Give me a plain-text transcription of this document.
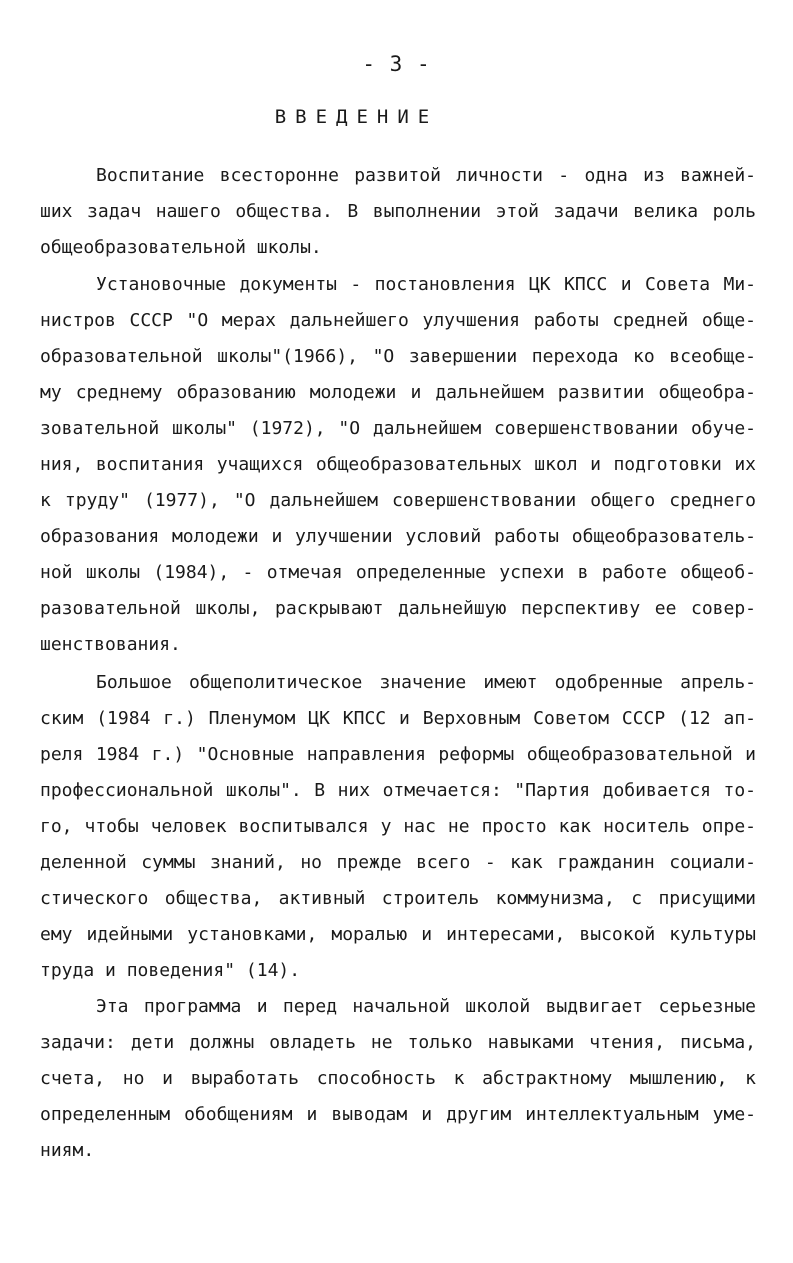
- 3 -
ВВЕДЕНИЕ
Воспитание всесторонне развитой личности - одна из важней-
ших задач нашего общества. В выполнении этой задачи велика роль
общеобразовательной школы.
Установочные документы - постановления ЦК КПСС и Совета Ми-
нистров СССР "О мерах дальнейшего улучшения работы средней обще-
образовательной школы"(1966), "О завершении перехода ко всеобще-
му среднему образованию молодежи и дальнейшем развитии общеобра-
зовательной школы" (1972), "О дальнейшем совершенствовании обуче-
ния, воспитания учащихся общеобразовательных школ и подготовки их
к труду" (1977), "О дальнейшем совершенствовании общего среднего
образования молодежи и улучшении условий работы общеобразователь-
ной школы (1984), - отмечая определенные успехи в работе общеоб-
разовательной школы, раскрывают дальнейшую перспективу ее совер-
шенствования.
Большое общеполитическое значение имеют одобренные апрель-
ским (1984 г.) Пленумом ЦК КПСС и Верховным Советом СССР (12 ап-
реля 1984 г.) "Основные направления реформы общеобразовательной и
профессиональной школы". В них отмечается: "Партия добивается то-
го, чтобы человек воспитывался у нас не просто как носитель опре-
деленной суммы знаний, но прежде всего - как гражданин социали-
стического общества, активный строитель коммунизма, с присущими
ему идейными установками, моралью и интересами, высокой культуры
труда и поведения" (14).
Эта программа и перед начальной школой выдвигает серьезные
задачи: дети должны овладеть не только навыками чтения, письма,
счета, но и выработать способность к абстрактному мышлению, к
определенным обобщениям и выводам и другим интеллектуальным уме-
ниям.
